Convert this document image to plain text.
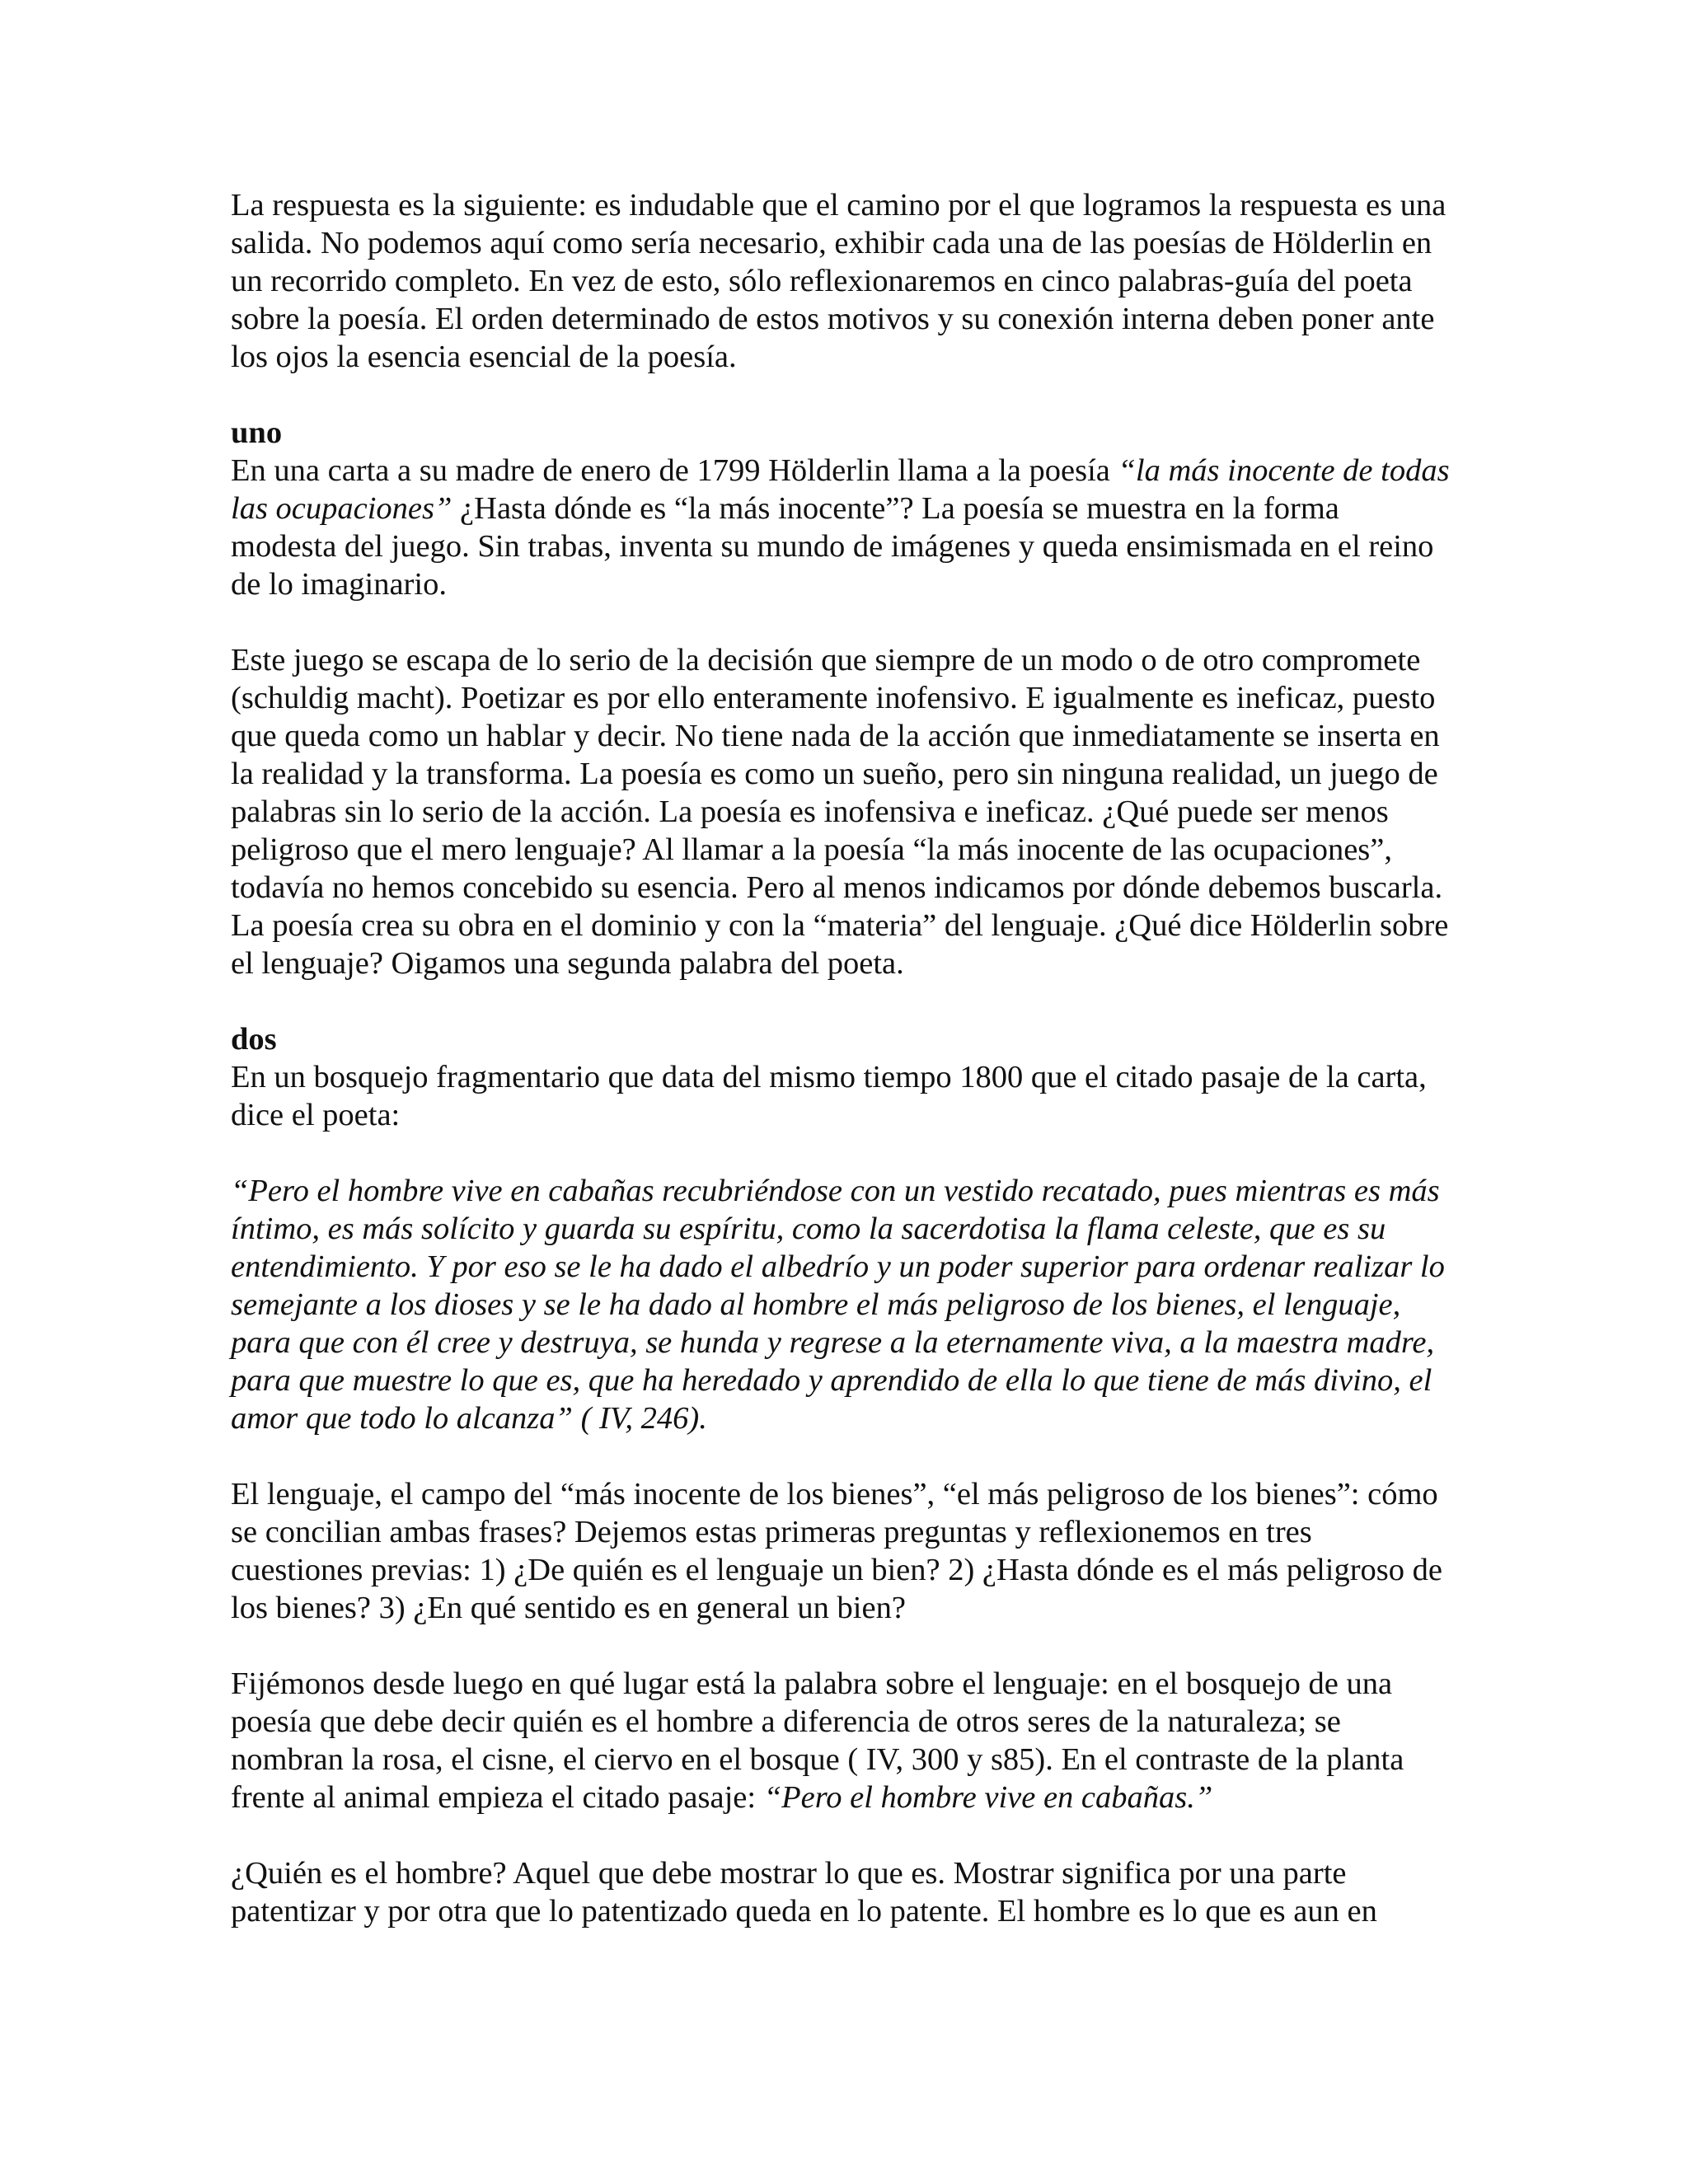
La respuesta es la siguiente: es indudable que el camino por el que logramos la respuesta es una salida. No podemos aquí como sería necesario, exhibir cada una de las poesías de Hölderlin en un recorrido completo. En vez de esto, sólo reflexionaremos en cinco palabras-guía del poeta sobre la poesía. El orden determinado de estos motivos y su conexión interna deben poner ante los ojos la esencia esencial de la poesía.

uno

En una carta a su madre de enero de 1799 Hölderlin llama a la poesía “la más inocente de todas las ocupaciones” ¿Hasta dónde es “la más inocente”? La poesía se muestra en la forma modesta del juego. Sin trabas, inventa su mundo de imágenes y queda ensimismada en el reino de lo imaginario.

Este juego se escapa de lo serio de la decisión que siempre de un modo o de otro compromete (schuldig macht). Poetizar es por ello enteramente inofensivo. E igualmente es ineficaz, puesto que queda como un hablar y decir. No tiene nada de la acción que inmediatamente se inserta en la realidad y la transforma. La poesía es como un sueño, pero sin ninguna realidad, un juego de palabras sin lo serio de la acción. La poesía es inofensiva e ineficaz. ¿Qué puede ser menos peligroso que el mero lenguaje? Al llamar a la poesía “la más inocente de las ocupaciones”, todavía no hemos concebido su esencia. Pero al menos indicamos por dónde debemos buscarla. La poesía crea su obra en el dominio y con la “materia” del lenguaje. ¿Qué dice Hölderlin sobre el lenguaje? Oigamos una segunda palabra del poeta.

dos

En un bosquejo fragmentario que data del mismo tiempo 1800 que el citado pasaje de la carta, dice el poeta:

“Pero el hombre vive en cabañas recubriéndose con un vestido recatado, pues mientras es más íntimo, es más solícito y guarda su espíritu, como la sacerdotisa la flama celeste, que es su entendimiento. Y por eso se le ha dado el albedrío y un poder superior para ordenar realizar lo semejante a los dioses y se le ha dado al hombre el más peligroso de los bienes, el lenguaje, para que con él cree y destruya, se hunda y regrese a la eternamente viva, a la maestra madre, para que muestre lo que es, que ha heredado y aprendido de ella lo que tiene de más divino, el amor que todo lo alcanza” ( IV, 246).

El lenguaje, el campo del “más inocente de los bienes”, “el más peligroso de los bienes”: cómo se concilian ambas frases? Dejemos estas primeras preguntas y reflexionemos en tres cuestiones previas: 1) ¿De quién es el lenguaje un bien? 2) ¿Hasta dónde es el más peligroso de los bienes? 3) ¿En qué sentido es en general un bien?

Fijémonos desde luego en qué lugar está la palabra sobre el lenguaje: en el bosquejo de una poesía que debe decir quién es el hombre a diferencia de otros seres de la naturaleza; se nombran la rosa, el cisne, el ciervo en el bosque ( IV, 300 y s85). En el contraste de la planta frente al animal empieza el citado pasaje: “Pero el hombre vive en cabañas.”

¿Quién es el hombre? Aquel que debe mostrar lo que es. Mostrar significa por una parte patentizar y por otra que lo patentizado queda en lo patente. El hombre es lo que es aun en
